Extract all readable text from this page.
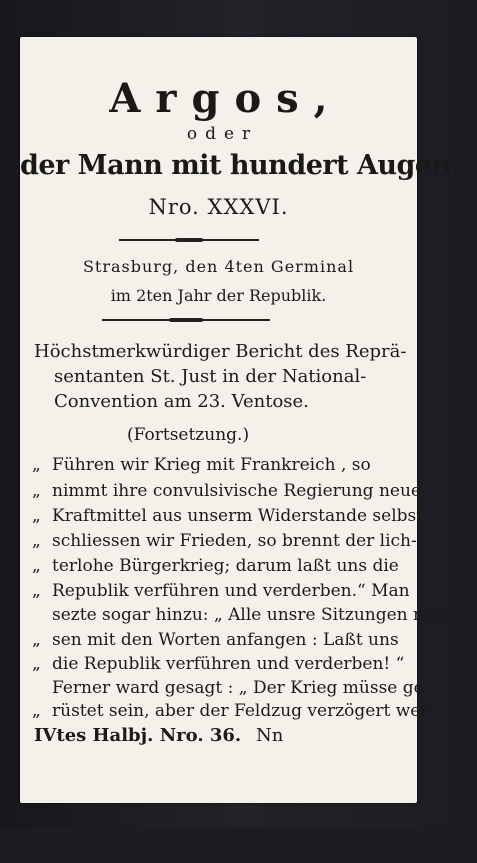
Argos,
oder
der Mann mit hundert Augen.
Nro. XXXVI.
Strasburg, den 4ten Germinal
im 2ten Jahr der Republik.
Höchstmerkwürdiger Bericht des Reprä-
sentanten St. Just in der National-
Convention am 23. Ventose.
(Fortsetzung.)
„ Führen wir Krieg mit Frankreich , so
„ nimmt ihre convulsivische Regierung neue
„ Kraftmittel aus unserm Widerstande selbst;
„ schliessen wir Frieden, so brennt der lich-
„ terlohe Bürgerkrieg; darum laßt uns die
„ Republik verführen und verderben.“ Man
sezte sogar hinzu: „ Alle unsre Sitzungen müs-
„ sen mit den Worten anfangen : Laßt uns
„ die Republik verführen und verderben! “
Ferner ward gesagt : „ Der Krieg müsse ge-
„ rüstet sein, aber der Feldzug verzögert wer-
IVtes Halbj. Nro. 36. Nn
